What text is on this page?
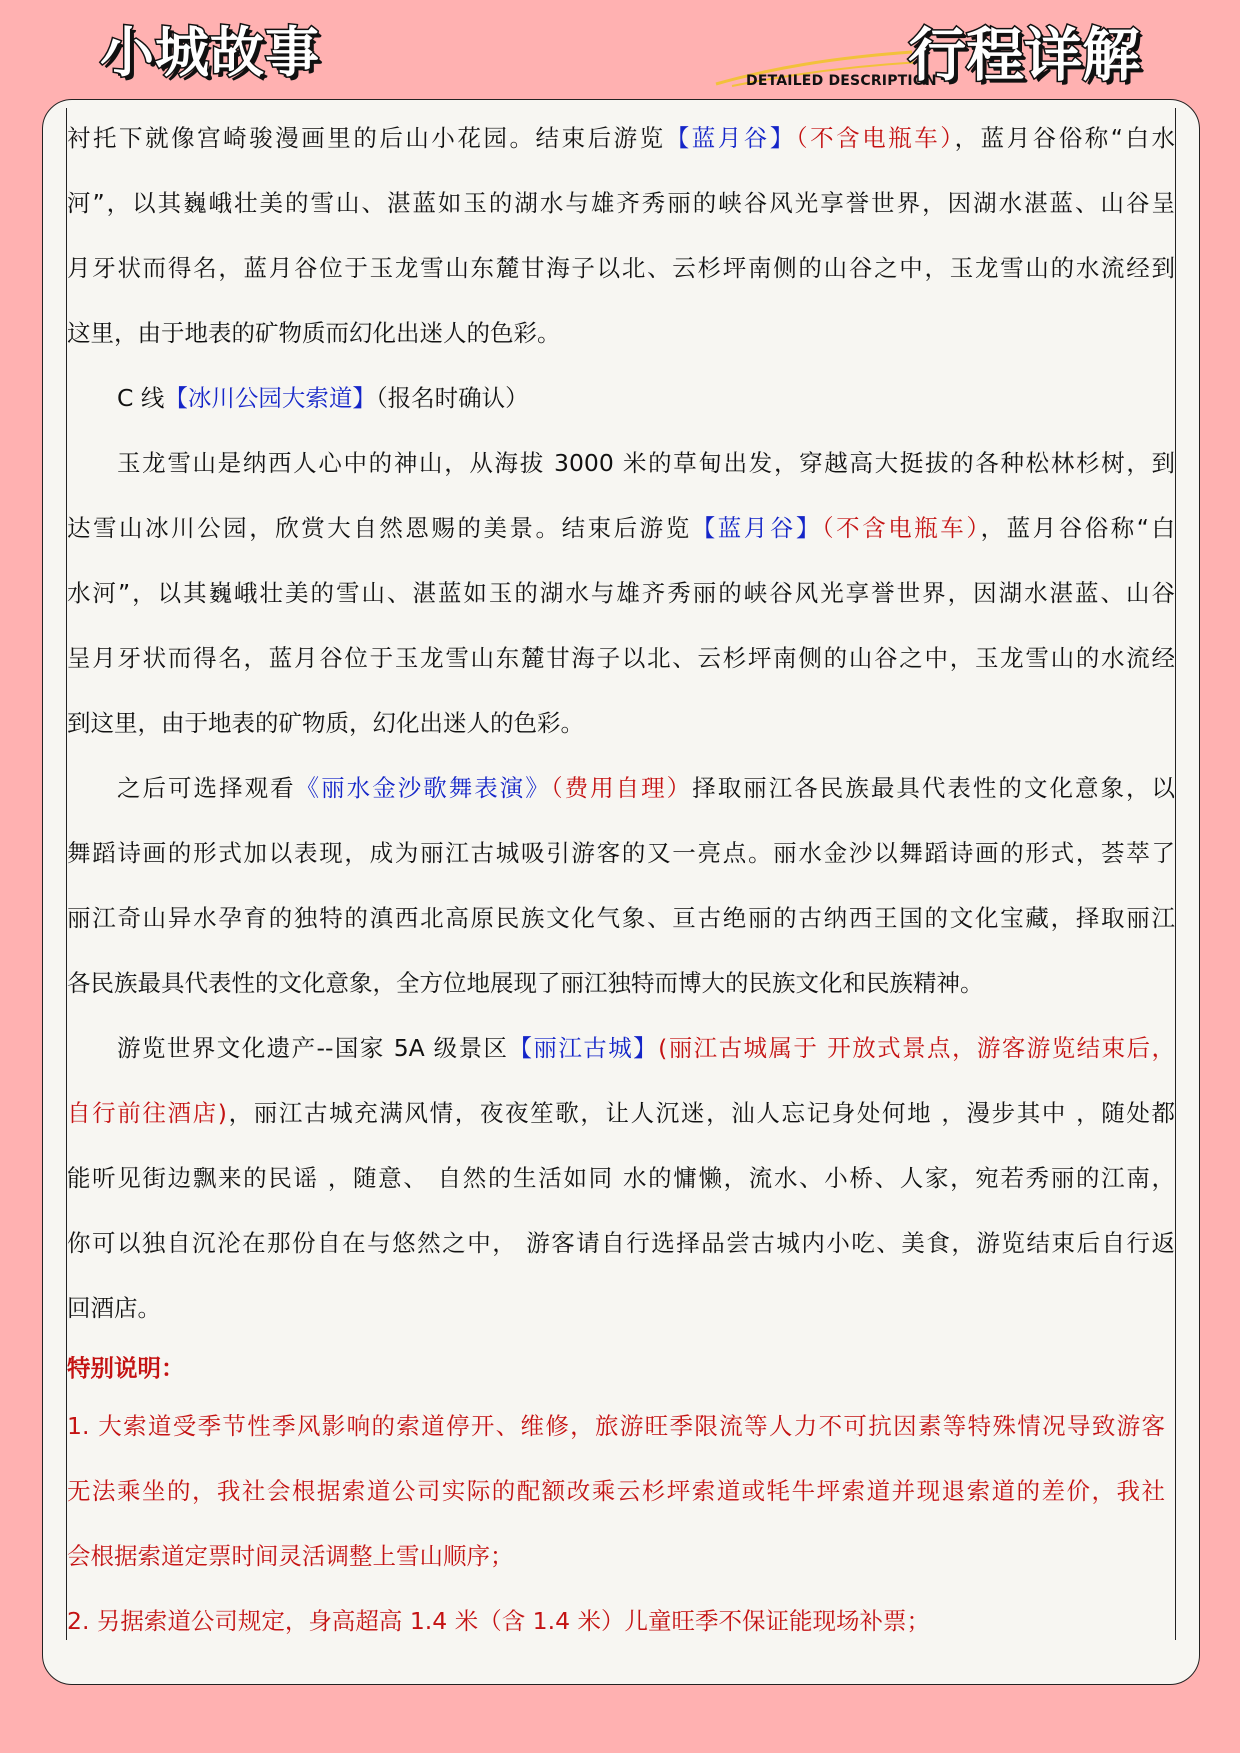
小城故事	DETAILED DESCRIPTION
行程详解
衬托下就像宫崎骏漫画里的后山小花园。结束后游览【蓝月谷】（不含电瓶车），蓝月谷俗称“白水
河”，以其巍峨壮美的雪山、湛蓝如玉的湖水与雄齐秀丽的峡谷风光享誉世界，因湖水湛蓝、山谷呈
月牙状而得名，蓝月谷位于玉龙雪山东麓甘海子以北、云杉坪南侧的山谷之中，玉龙雪山的水流经到
这里，由于地表的矿物质而幻化出迷人的色彩。
C 线【冰川公园大索道】（报名时确认）
玉龙雪山是纳西人心中的神山，从海拔 3000 米的草甸出发，穿越高大挺拔的各种松林杉树，到
达雪山冰川公园，欣赏大自然恩赐的美景。结束后游览【蓝月谷】（不含电瓶车），蓝月谷俗称“白
水河”，以其巍峨壮美的雪山、湛蓝如玉的湖水与雄齐秀丽的峡谷风光享誉世界，因湖水湛蓝、山谷
呈月牙状而得名，蓝月谷位于玉龙雪山东麓甘海子以北、云杉坪南侧的山谷之中，玉龙雪山的水流经
到这里，由于地表的矿物质，幻化出迷人的色彩。
之后可选择观看《丽水金沙歌舞表演》（费用自理）择取丽江各民族最具代表性的文化意象，以
舞蹈诗画的形式加以表现，成为丽江古城吸引游客的又一亮点。丽水金沙以舞蹈诗画的形式，荟萃了
丽江奇山异水孕育的独特的滇西北高原民族文化气象、亘古绝丽的古纳西王国的文化宝藏，择取丽江
各民族最具代表性的文化意象，全方位地展现了丽江独特而博大的民族文化和民族精神。
游览世界文化遗产--国家 5A 级景区【丽江古城】(丽江古城属于 开放式景点，游客游览结束后，
自行前往酒店)，丽江古城充满风情，夜夜笙歌，让人沉迷，汕人忘记身处何地 ，漫步其中 ，随处都
能听见街边飘来的民谣 ，随意、 自然的生活如同 水的慵懒，流水、小桥、人家，宛若秀丽的江南，
你可以独自沉沦在那份自在与悠然之中， 游客请自行选择品尝古城内小吃、美食，游览结束后自行返
回酒店。
特别说明：
1. 大索道受季节性季风影响的索道停开、维修，旅游旺季限流等人力不可抗因素等特殊情况导致游客
无法乘坐的，我社会根据索道公司实际的配额改乘云杉坪索道或牦牛坪索道并现退索道的差价，我社
会根据索道定票时间灵活调整上雪山顺序；
2. 另据索道公司规定，身高超高 1.4 米（含 1.4 米）儿童旺季不保证能现场补票；
